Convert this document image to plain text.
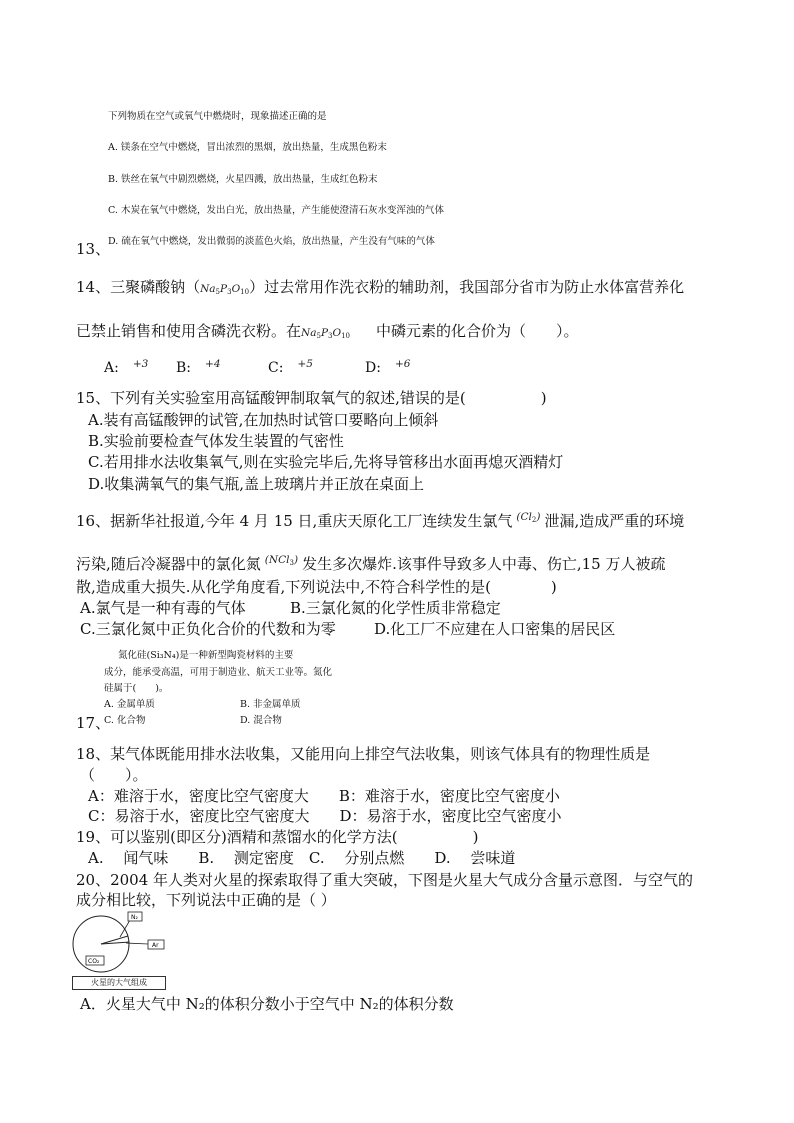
下列物质在空气或氧气中燃烧时，现象描述正确的是
A. 镁条在空气中燃烧，冒出浓烈的黑烟，放出热量，生成黑色粉末
B. 铁丝在氧气中剧烈燃烧，火星四溅，放出热量，生成红色粉末
C. 木炭在氧气中燃烧，发出白光，放出热量，产生能使澄清石灰水变浑浊的气体
D. 硫在氧气中燃烧，发出微弱的淡蓝色火焰，放出热量，产生没有气味的气体
13、
14、三聚磷酸钠$(Na_5P_3O_{10})$过去常用作洗衣粉的辅助剂，我国部分省市为防止水体富营养化
已禁止销售和使用含磷洗衣粉。在$Na_5P_3O_{10}$ 中磷元素的化合价为（　　）。
A: $^{+3}$ B: $^{+4}$	C: $^{+5}$	D: $^{+6}$
15、下列有关实验室用高锰酸钾制取氧气的叙述,错误的是(　　　　　)
A.装有高锰酸钾的试管,在加热时试管口要略向上倾斜
B.实验前要检查气体发生装置的气密性
C.若用排水法收集氧气,则在实验完毕后,先将导管移出水面再熄灭酒精灯
D.收集满氧气的集气瓶,盖上玻璃片并正放在桌面上
16、据新华社报道,今年 4 月 15 日,重庆天原化工厂连续发生氯气 $^{(Cl_2)}$ 泄漏,造成严重的环境
污染,随后冷凝器中的氯化氮 $^{(NCl_3)}$ 发生多次爆炸.该事件导致多人中毒、伤亡,15 万人被疏
散,造成重大损失.从化学角度看,下列说法中,不符合科学性的是(　　　　)
A.氯气是一种有毒的气体	B.三氯化氮的化学性质非常稳定
C.三氯化氮中正负化合价的代数和为零	D.化工厂不应建在人口密集的居民区
氮化硅(Si₃N₄)是一种新型陶瓷材料的主要
成分，能承受高温，可用于制造业、航天工业等。氮化
硅属于(　　)。
A. 金属单质	B. 非金属单质
C. 化合物	D. 混合物
17、
18、某气体既能用排水法收集，又能用向上排空气法收集，则该气体具有的物理性质是
（　　）。
A：难溶于水，密度比空气密度大　　B：难溶于水，密度比空气密度小
C：易溶于水，密度比空气密度大　　D：易溶于水，密度比空气密度小
19、可以鉴别(即区分)酒精和蒸馏水的化学方法(　　　　　)
A.　 闻气味　　B.　 测定密度　C.　 分别点燃　　D.　 尝味道
20、2004 年人类对火星的探索取得了重大突破，下图是火星大气成分含量示意图．与空气的
成分相比较，下列说法中正确的是（ ）
N₂
Ar
CO₂
火星的大气组成
A．火星大气中 N₂的体积分数小于空气中 N₂的体积分数
